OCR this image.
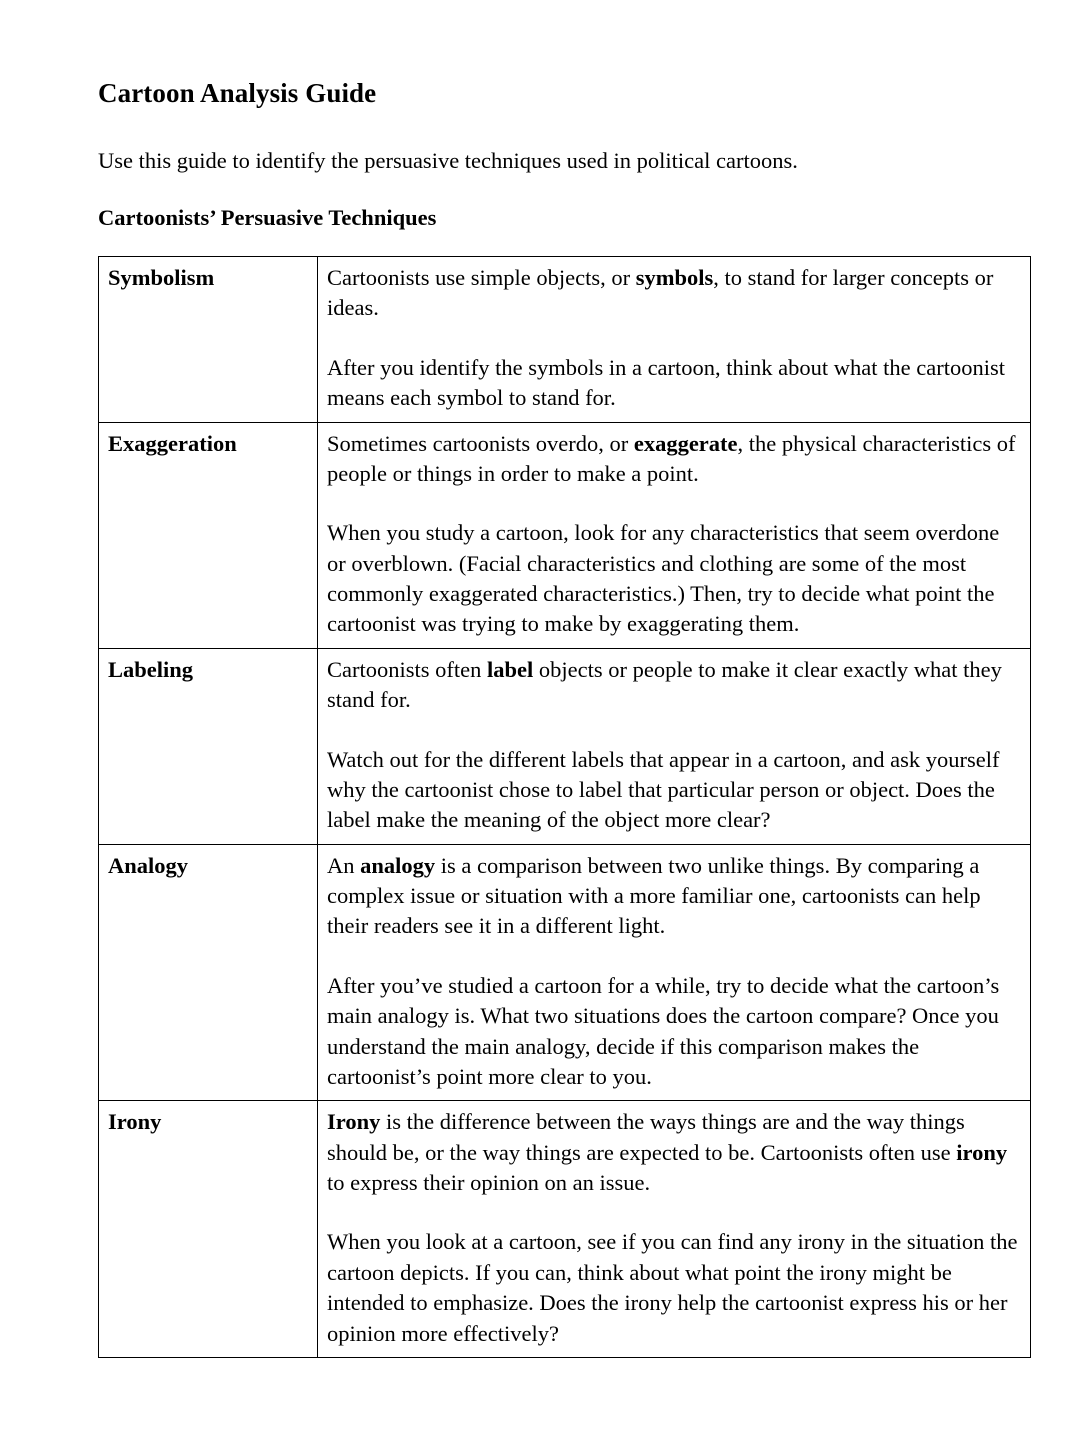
Cartoon Analysis Guide

Use this guide to identify the persuasive techniques used in political cartoons.

Cartoonists’ Persuasive Techniques
Symbolism	Cartoonists use simple objects, or symbols, to stand for larger concepts or ideas.

After you identify the symbols in a cartoon, think about what the cartoonist means each symbol to stand for.

Exaggeration	Sometimes cartoonists overdo, or exaggerate, the physical characteristics of people or things in order to make a point.

When you study a cartoon, look for any characteristics that seem overdone or overblown. (Facial characteristics and clothing are some of the most commonly exaggerated characteristics.) Then, try to decide what point the cartoonist was trying to make by exaggerating them.

Labeling	Cartoonists often label objects or people to make it clear exactly what they stand for.

Watch out for the different labels that appear in a cartoon, and ask yourself why the cartoonist chose to label that particular person or object. Does the label make the meaning of the object more clear?

Analogy	An analogy is a comparison between two unlike things. By comparing a complex issue or situation with a more familiar one, cartoonists can help their readers see it in a different light.

After you’ve studied a cartoon for a while, try to decide what the cartoon’s main analogy is. What two situations does the cartoon compare? Once you understand the main analogy, decide if this comparison makes the cartoonist’s point more clear to you.

Irony	Irony is the difference between the ways things are and the way things should be, or the way things are expected to be. Cartoonists often use irony to express their opinion on an issue.

When you look at a cartoon, see if you can find any irony in the situation the cartoon depicts. If you can, think about what point the irony might be intended to emphasize. Does the irony help the cartoonist express his or her opinion more effectively?
